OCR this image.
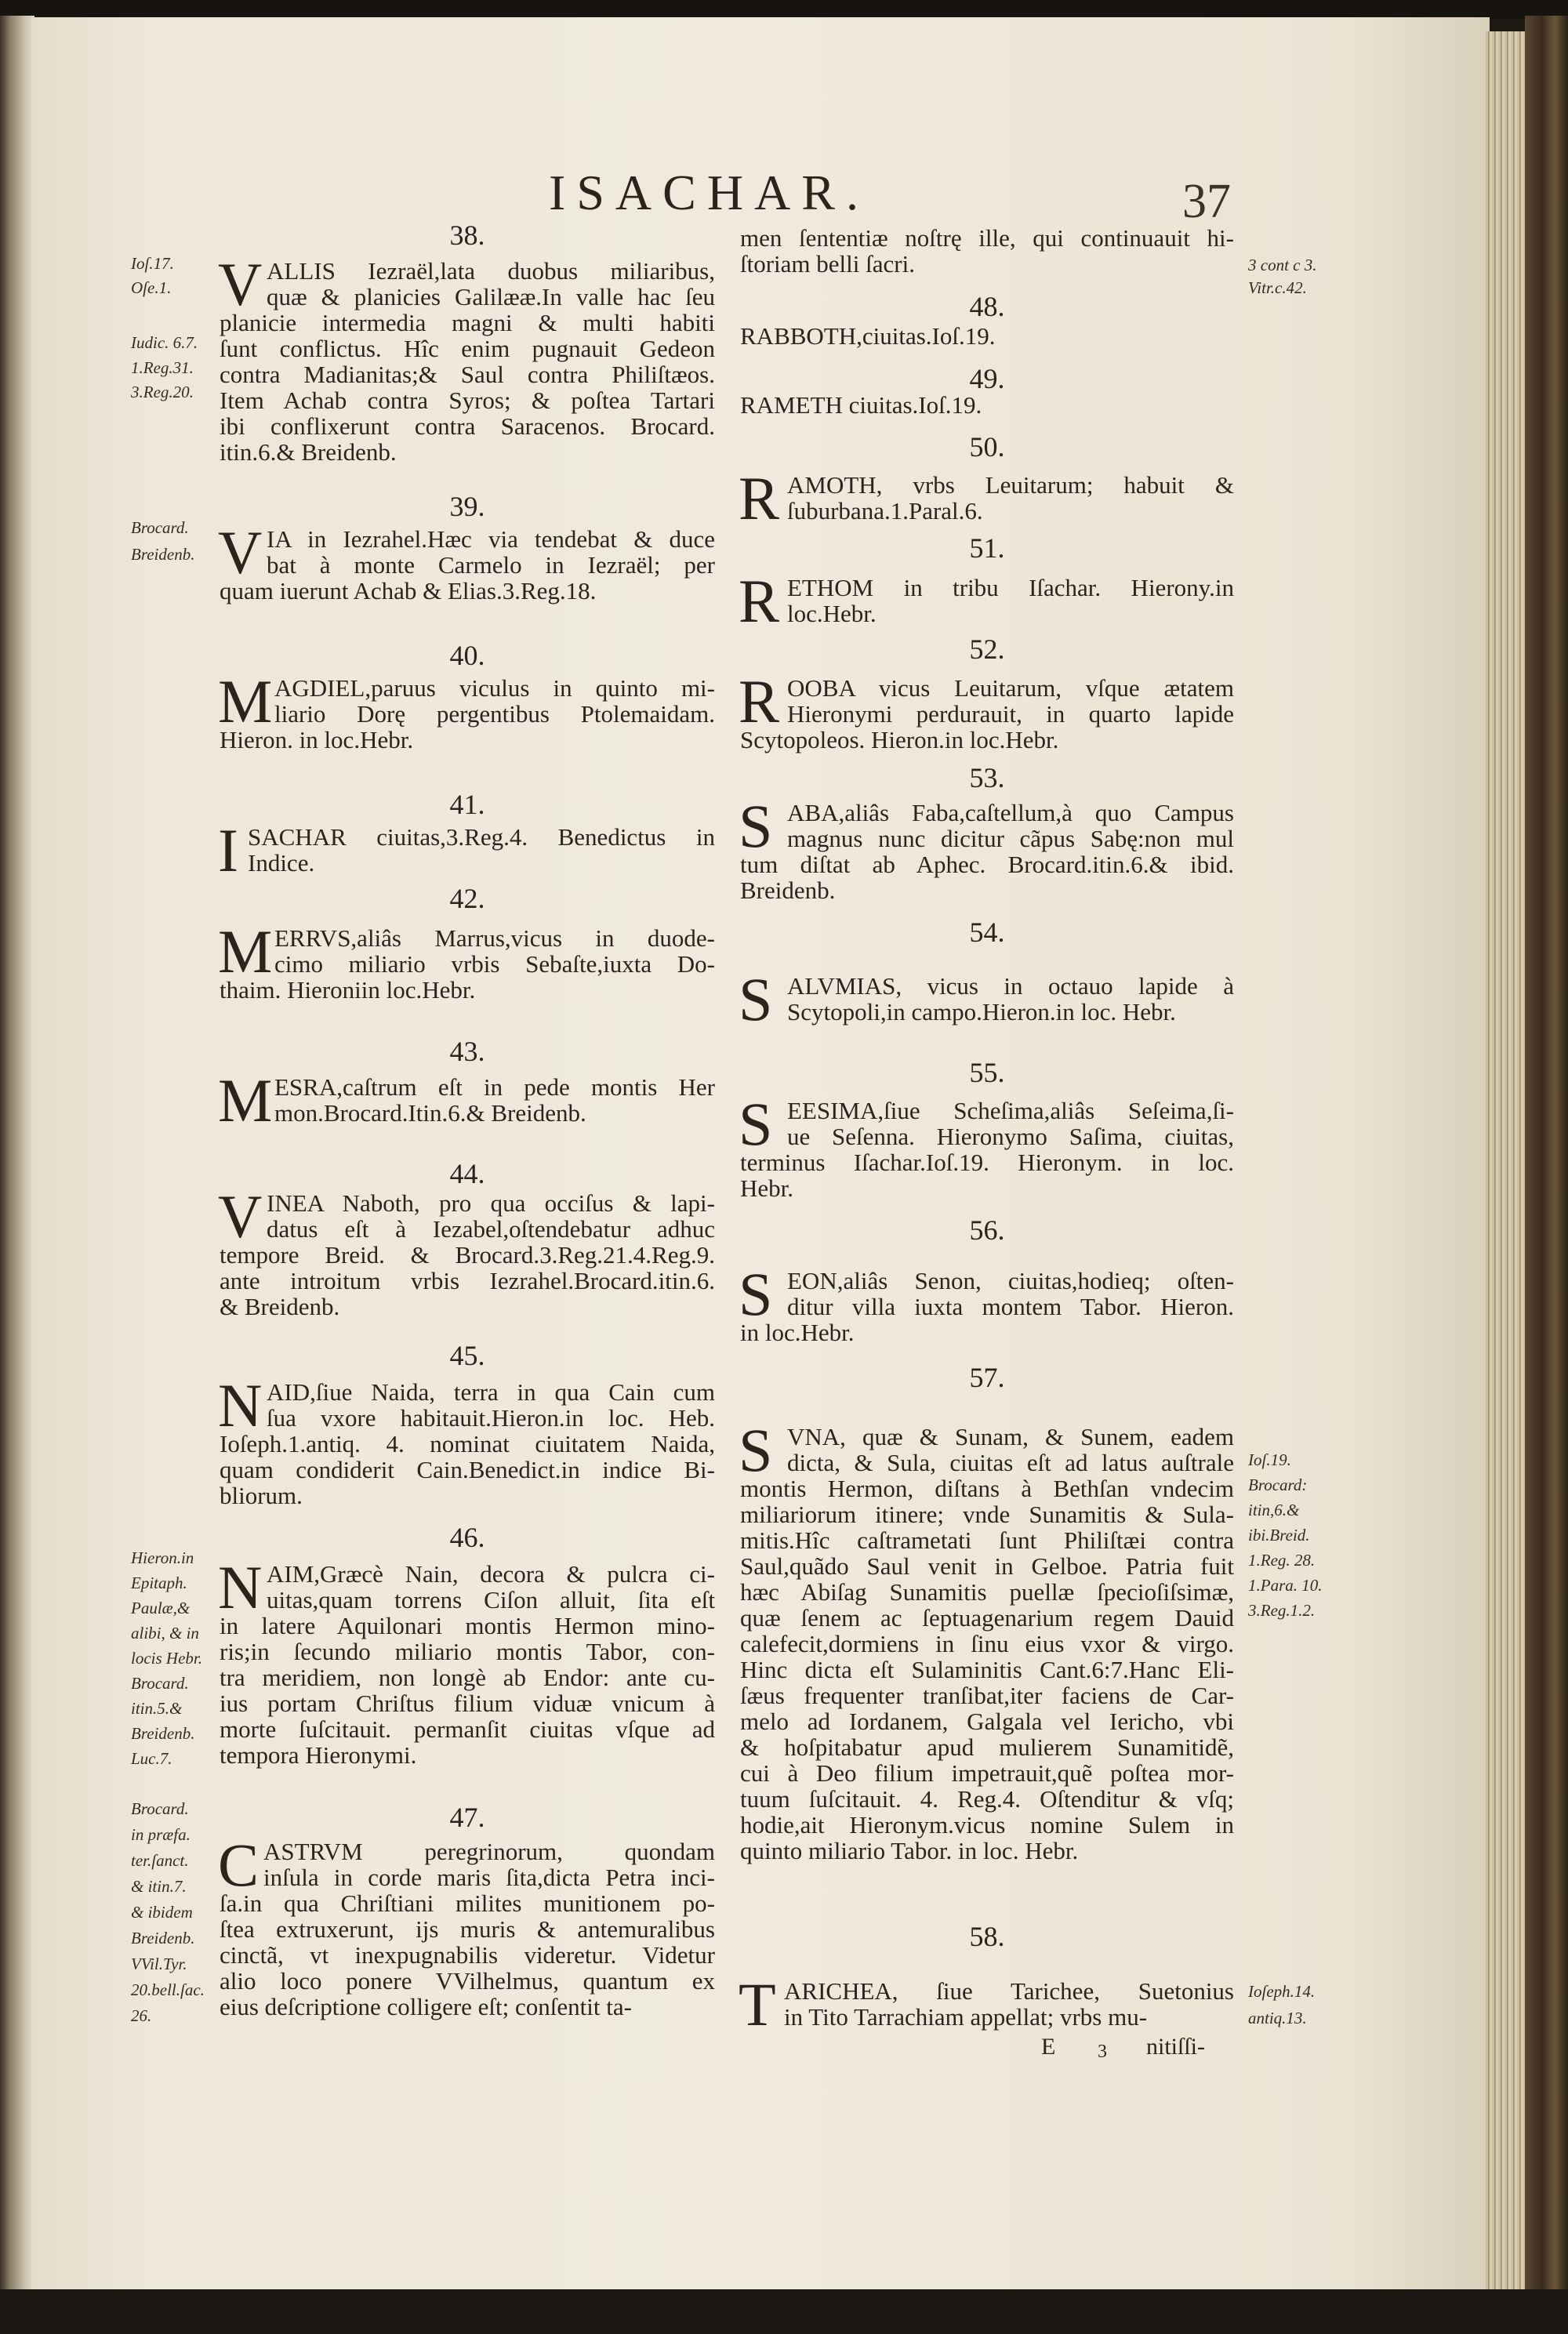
ISACHAR.	37
38.
V ALLIS Iezraël,lata duobus miliaribus,
quæ & planicies Galilææ.In valle hac ſeu
planicie intermedia magni & multi habiti
ſunt conflictus. Hîc enim pugnauit Gedeon
contra Madianitas;& Saul contra Philiſtæos.
Item Achab contra Syros; & poſtea Tartari
ibi conflixerunt contra Saracenos. Brocard.
itin.6.& Breidenb.
Ioſ.17.
Oſe.1.
Iudic. 6.7.
1.Reg.31.
3.Reg.20.
39.
V IA in Iezrahel.Hæc via tendebat & duce
bat à monte Carmelo in Iezraël; per
quam iuerunt Achab & Elias.3.Reg.18.
Brocard.
Breidenb.
40.
M AGDIEL,paruus viculus in quinto mi-
liario Dorę pergentibus Ptolemaidam.
Hieron. in loc.Hebr.
41.
I SACHAR ciuitas,3.Reg.4. Benedictus in
Indice.
42.
M ERRVS,aliâs Marrus,vicus in duode-
cimo miliario vrbis Sebaſte,iuxta Do-
thaim. Hieroniin loc.Hebr.
43.
M ESRA,caſtrum eſt in pede montis Her
mon.Brocard.Itin.6.& Breidenb.
44.
V INEA Naboth, pro qua occiſus & lapi-
datus eſt à Iezabel,oſtendebatur adhuc
tempore Breid. & Brocard.3.Reg.21.4.Reg.9.
ante introitum vrbis Iezrahel.Brocard.itin.6.
& Breidenb.
45.
N AID,ſiue Naida, terra in qua Cain cum
ſua vxore habitauit.Hieron.in loc. Heb.
Ioſeph.1.antiq. 4. nominat ciuitatem Naida,
quam condiderit Cain.Benedict.in indice Bi-
bliorum.
46.
N AIM,Græcè Nain, decora & pulcra ci-
uitas,quam torrens Ciſon alluit, ſita eſt
in latere Aquilonari montis Hermon mino-
ris;in ſecundo miliario montis Tabor, con-
tra meridiem, non longè ab Endor: ante cu-
ius portam Chriſtus filium viduæ vnicum à
morte ſuſcitauit. permanſit ciuitas vſque ad
tempora Hieronymi.
Hieron.in
Epitaph.
Paulæ,&
alibi, & in
locis Hebr.
Brocard.
itin.5.&
Breidenb.
Luc.7.
47.
C ASTRVM peregrinorum, quondam
inſula in corde maris ſita,dicta Petra inci-
ſa.in qua Chriſtiani milites munitionem po-
ſtea extruxerunt, ijs muris & antemuralibus
cinctã, vt inexpugnabilis videretur. Videtur
alio loco ponere VVilhelmus, quantum ex
eius deſcriptione colligere eſt; conſentit ta-
Brocard.
in præfa.
ter.ſanct.
& itin.7.
& ibidem
Breidenb.
VVil.Tyr.
20.bell.ſac.
26.
men ſententiæ noſtrę ille, qui continuauit hi-
ſtoriam belli ſacri.	3 cont c 3.
Vitr.c.42.
48.
RABBOTH,ciuitas.Ioſ.19.
49.
RAMETH ciuitas.Ioſ.19.
50.
R AMOTH, vrbs Leuitarum; habuit &
ſuburbana.1.Paral.6.
51.
R ETHOM in tribu Iſachar. Hierony.in
loc.Hebr.
52.
R OOBA vicus Leuitarum, vſque ætatem
Hieronymi perdurauit, in quarto lapide
Scytopoleos. Hieron.in loc.Hebr.
53.
S ABA,aliâs Faba,caſtellum,à quo Campus
magnus nunc dicitur cãpus Sabę:non mul
tum diſtat ab Aphec. Brocard.itin.6.& ibid.
Breidenb.
54.
S ALVMIAS, vicus in octauo lapide à
Scytopoli,in campo.Hieron.in loc. Hebr.
55.
S EESIMA,ſiue Scheſima,aliâs Seſeima,ſi-
ue Seſenna. Hieronymo Saſima, ciuitas,
terminus Iſachar.Ioſ.19. Hieronym. in loc.
Hebr.
56.
S EON,aliâs Senon, ciuitas,hodieq; oſten-
ditur villa iuxta montem Tabor. Hieron.
in loc.Hebr.
57.
S VNA, quæ & Sunam, & Sunem, eadem
dicta, & Sula, ciuitas eſt ad latus auſtrale
montis Hermon, diſtans à Bethſan vndecim
miliariorum itinere; vnde Sunamitis & Sula-
mitis.Hîc caſtrametati ſunt Philiſtæi contra
Saul,quãdo Saul venit in Gelboe. Patria fuit
hæc Abiſag Sunamitis puellæ ſpecioſiſsimæ,
quæ ſenem ac ſeptuagenarium regem Dauid
calefecit,dormiens in ſinu eius vxor & virgo.
Hinc dicta eſt Sulaminitis Cant.6:7.Hanc Eli-
ſæus frequenter tranſibat,iter faciens de Car-
melo ad Iordanem, Galgala vel Iericho, vbi
& hoſpitabatur apud mulierem Sunamitidẽ,
cui à Deo filium impetrauit,quẽ poſtea mor-
tuum ſuſcitauit. 4. Reg.4. Oſtenditur & vſq;
hodie,ait Hieronym.vicus nomine Sulem in
quinto miliario Tabor. in loc. Hebr.
Ioſ.19.
Brocard:
itin,6.&
ibi.Breid.
1.Reg. 28.
1.Para. 10.
3.Reg.1.2.
58.
T ARICHEA, ſiue Tarichee, Suetonius
in Tito Tarrachiam appellat; vrbs mu-
Ioſeph.14.
antiq.13.
E 3 nitiſſi-
